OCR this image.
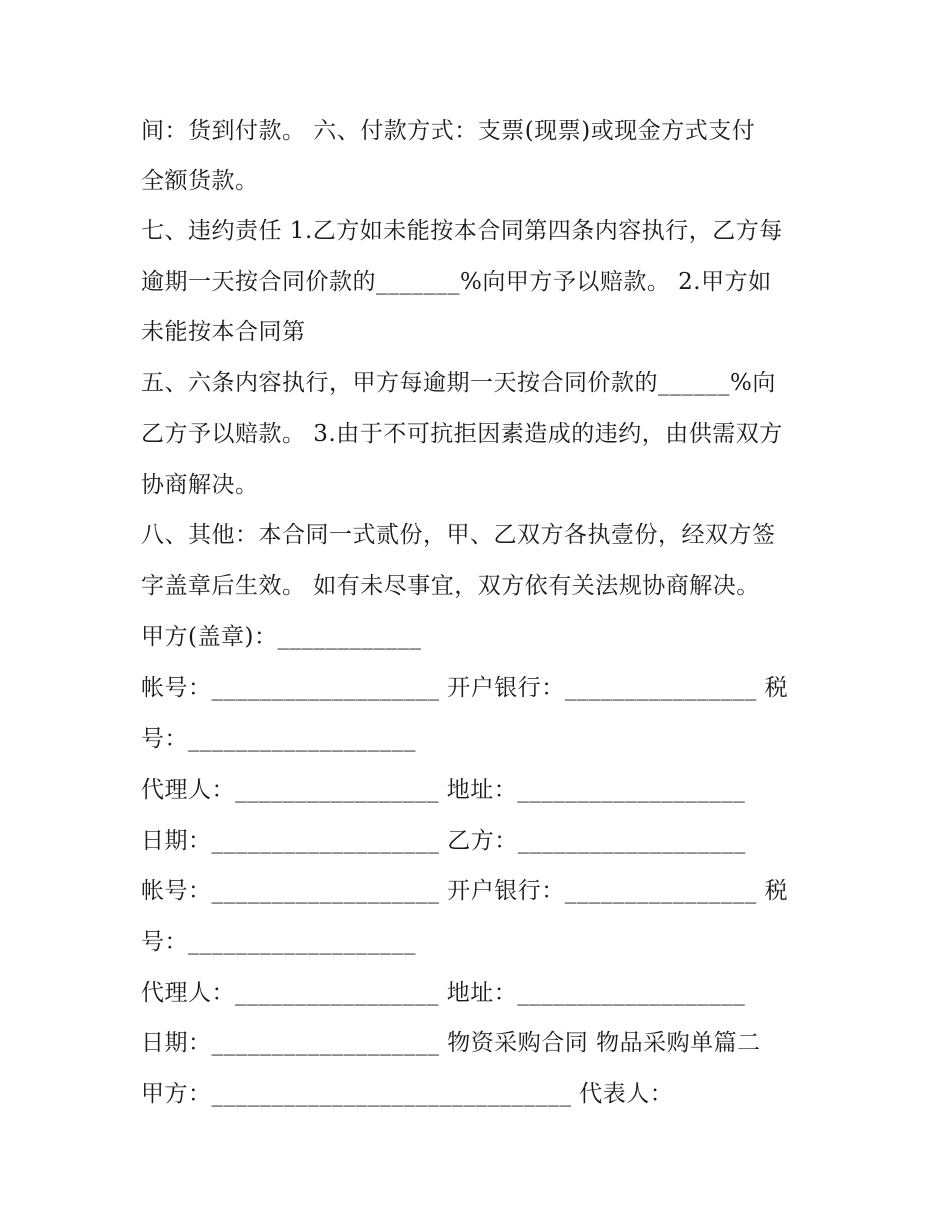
间：货到付款。 六、付款方式：支票(现票)或现金方式支付
全额货款。
七、违约责任 1.乙方如未能按本合同第四条内容执行，乙方每
逾期一天按合同价款的_______%向甲方予以赔款。 2.甲方如
未能按本合同第
五、六条内容执行，甲方每逾期一天按合同价款的______%向
乙方予以赔款。 3.由于不可抗拒因素造成的违约，由供需双方
协商解决。
八、其他：本合同一式贰份，甲、乙双方各执壹份，经双方签
字盖章后生效。 如有未尽事宜，双方依有关法规协商解决。
甲方(盖章)：____________
帐号：___________________ 开户银行：________________ 税
号：___________________
代理人：_________________ 地址：___________________
日期：___________________ 乙方：___________________
帐号：___________________ 开户银行：________________ 税
号：___________________
代理人：_________________ 地址：___________________
日期：___________________ 物资采购合同 物品采购单篇二
甲方：______________________________ 代表人：
